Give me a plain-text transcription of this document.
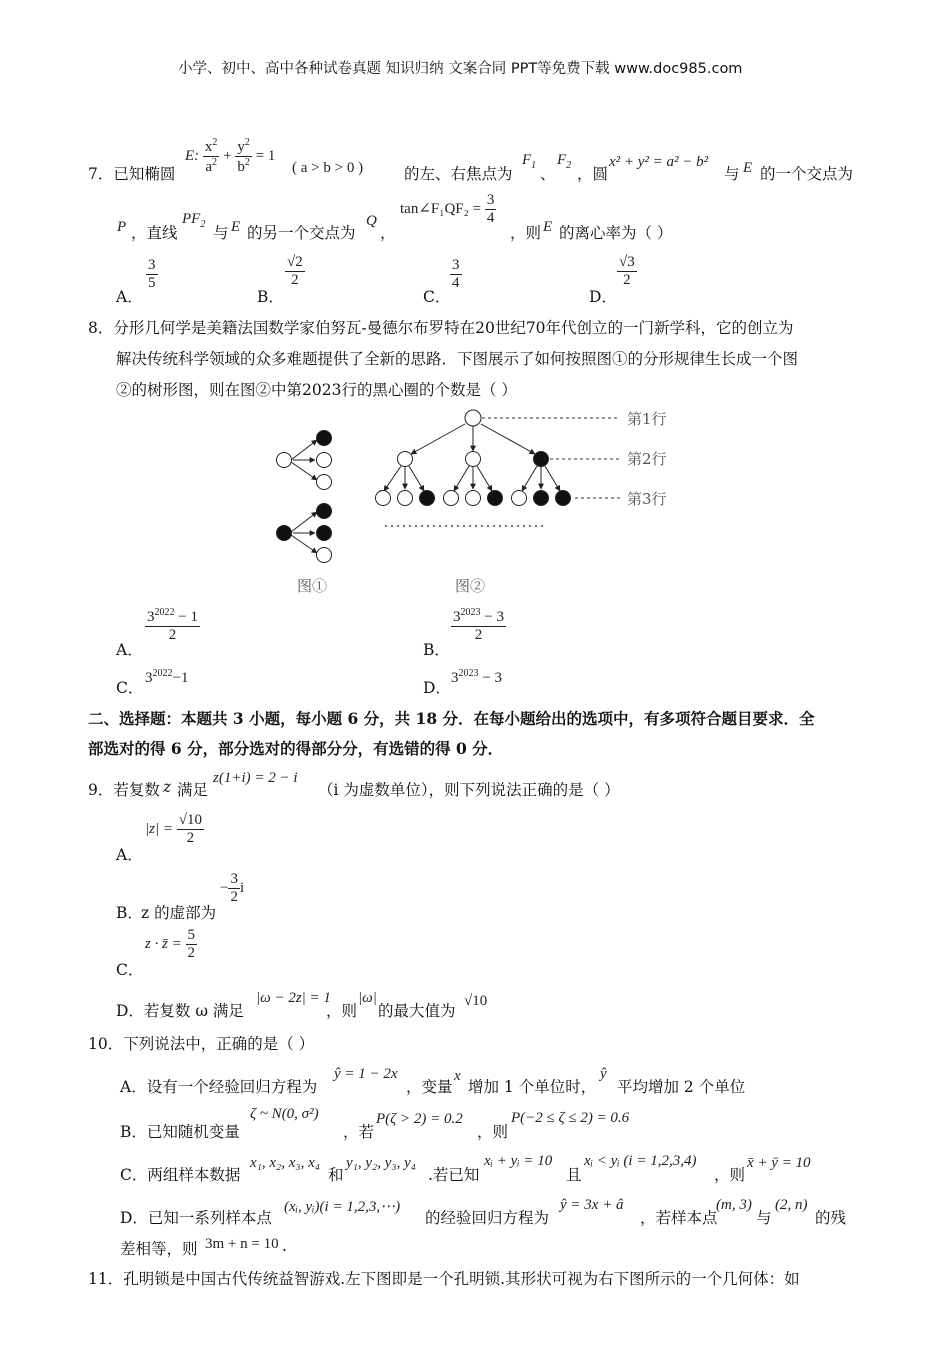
小学、初中、高中各种试卷真题 知识归纳 文案合同 PPT等免费下载 www.doc985.com
7．已知椭圆
E: $\frac{x^2}{a^2} + \frac{y^2}{b^2} = 1$
( a > b > 0 )	的左、右焦点为
$F_1$ 、
$F_2$ ，圆
x² + y² = a² − b²
与 E 的一个交点为
P ，直线
$PF_2$ 与 E 的另一个交点为
Q
，
tan∠F₁QF₂ = $\frac{3}{4}$
，则 E 的离心率为（ ）
A．
$\frac{3}{5}$
B．
$\frac{√2}{2}$
C．
$\frac{3}{4}$
D．
$\frac{√3}{2}$
8．分形几何学是美籍法国数学家伯努瓦-曼德尔布罗特在20世纪70年代创立的一门新学科，它的创立为
解决传统科学领域的众多难题提供了全新的思路．下图展示了如何按照图①的分形规律生长成一个图
②的树形图，则在图②中第2023行的黑心圈的个数是（ ）
第1行
第2行
第3行
图①	图②
A．
$\frac{3^{2022} - 1}{2}$
B．
$\frac{3^{2023} - 3}{2}$
C．
$3^{2022}-1$
D．
$3^{2023} - 3$
二、选择题：本题共 3 小题，每小题 6 分，共 18 分．在每小题给出的选项中，有多项符合题目要求．全
部选对的得 6 分，部分选对的得部分分，有选错的得 0 分．
9．若复数 z 满足
z(1+i) = 2 − i
（i 为虚数单位），则下列说法正确的是（ ）
A．
$|z| = \frac{√10}{2}$
B．
z 的虚部为
− $\frac{3}{2}$ i
C．
z · z̄ = $\frac{5}{2}$
D．若复数 ω 满足
|ω − 2z| = 1
，则
|ω|
的最大值为
√10
10．下列说法中，正确的是（ ）
A．设有一个经验回归方程为
ŷ = 1 − 2x
，变量
x
增加 1 个单位时，
ŷ
平均增加 2 个单位
B．已知随机变量
ζ ~ N(0, σ²)
，若
P(ζ > 2) = 0.2
，则
P(−2 ≤ ζ ≤ 2) = 0.6
C．两组样本数据
x₁, x₂, x₃, x₄
和
y₁, y₂, y₃, y₄
.若已知
xᵢ + yᵢ = 10
且
xᵢ < yᵢ (i = 1,2,3,4)
，则
x̄ + ȳ = 10
D．已知一系列样本点
(xᵢ, yᵢ)(i = 1,2,3,⋯)
的经验回归方程为
ŷ = 3x + â
，若样本点
(m, 3)
与
(2, n)
的残
差相等，则 3m + n = 10 .
11．孔明锁是中国古代传统益智游戏.左下图即是一个孔明锁.其形状可视为右下图所示的一个几何体：如
